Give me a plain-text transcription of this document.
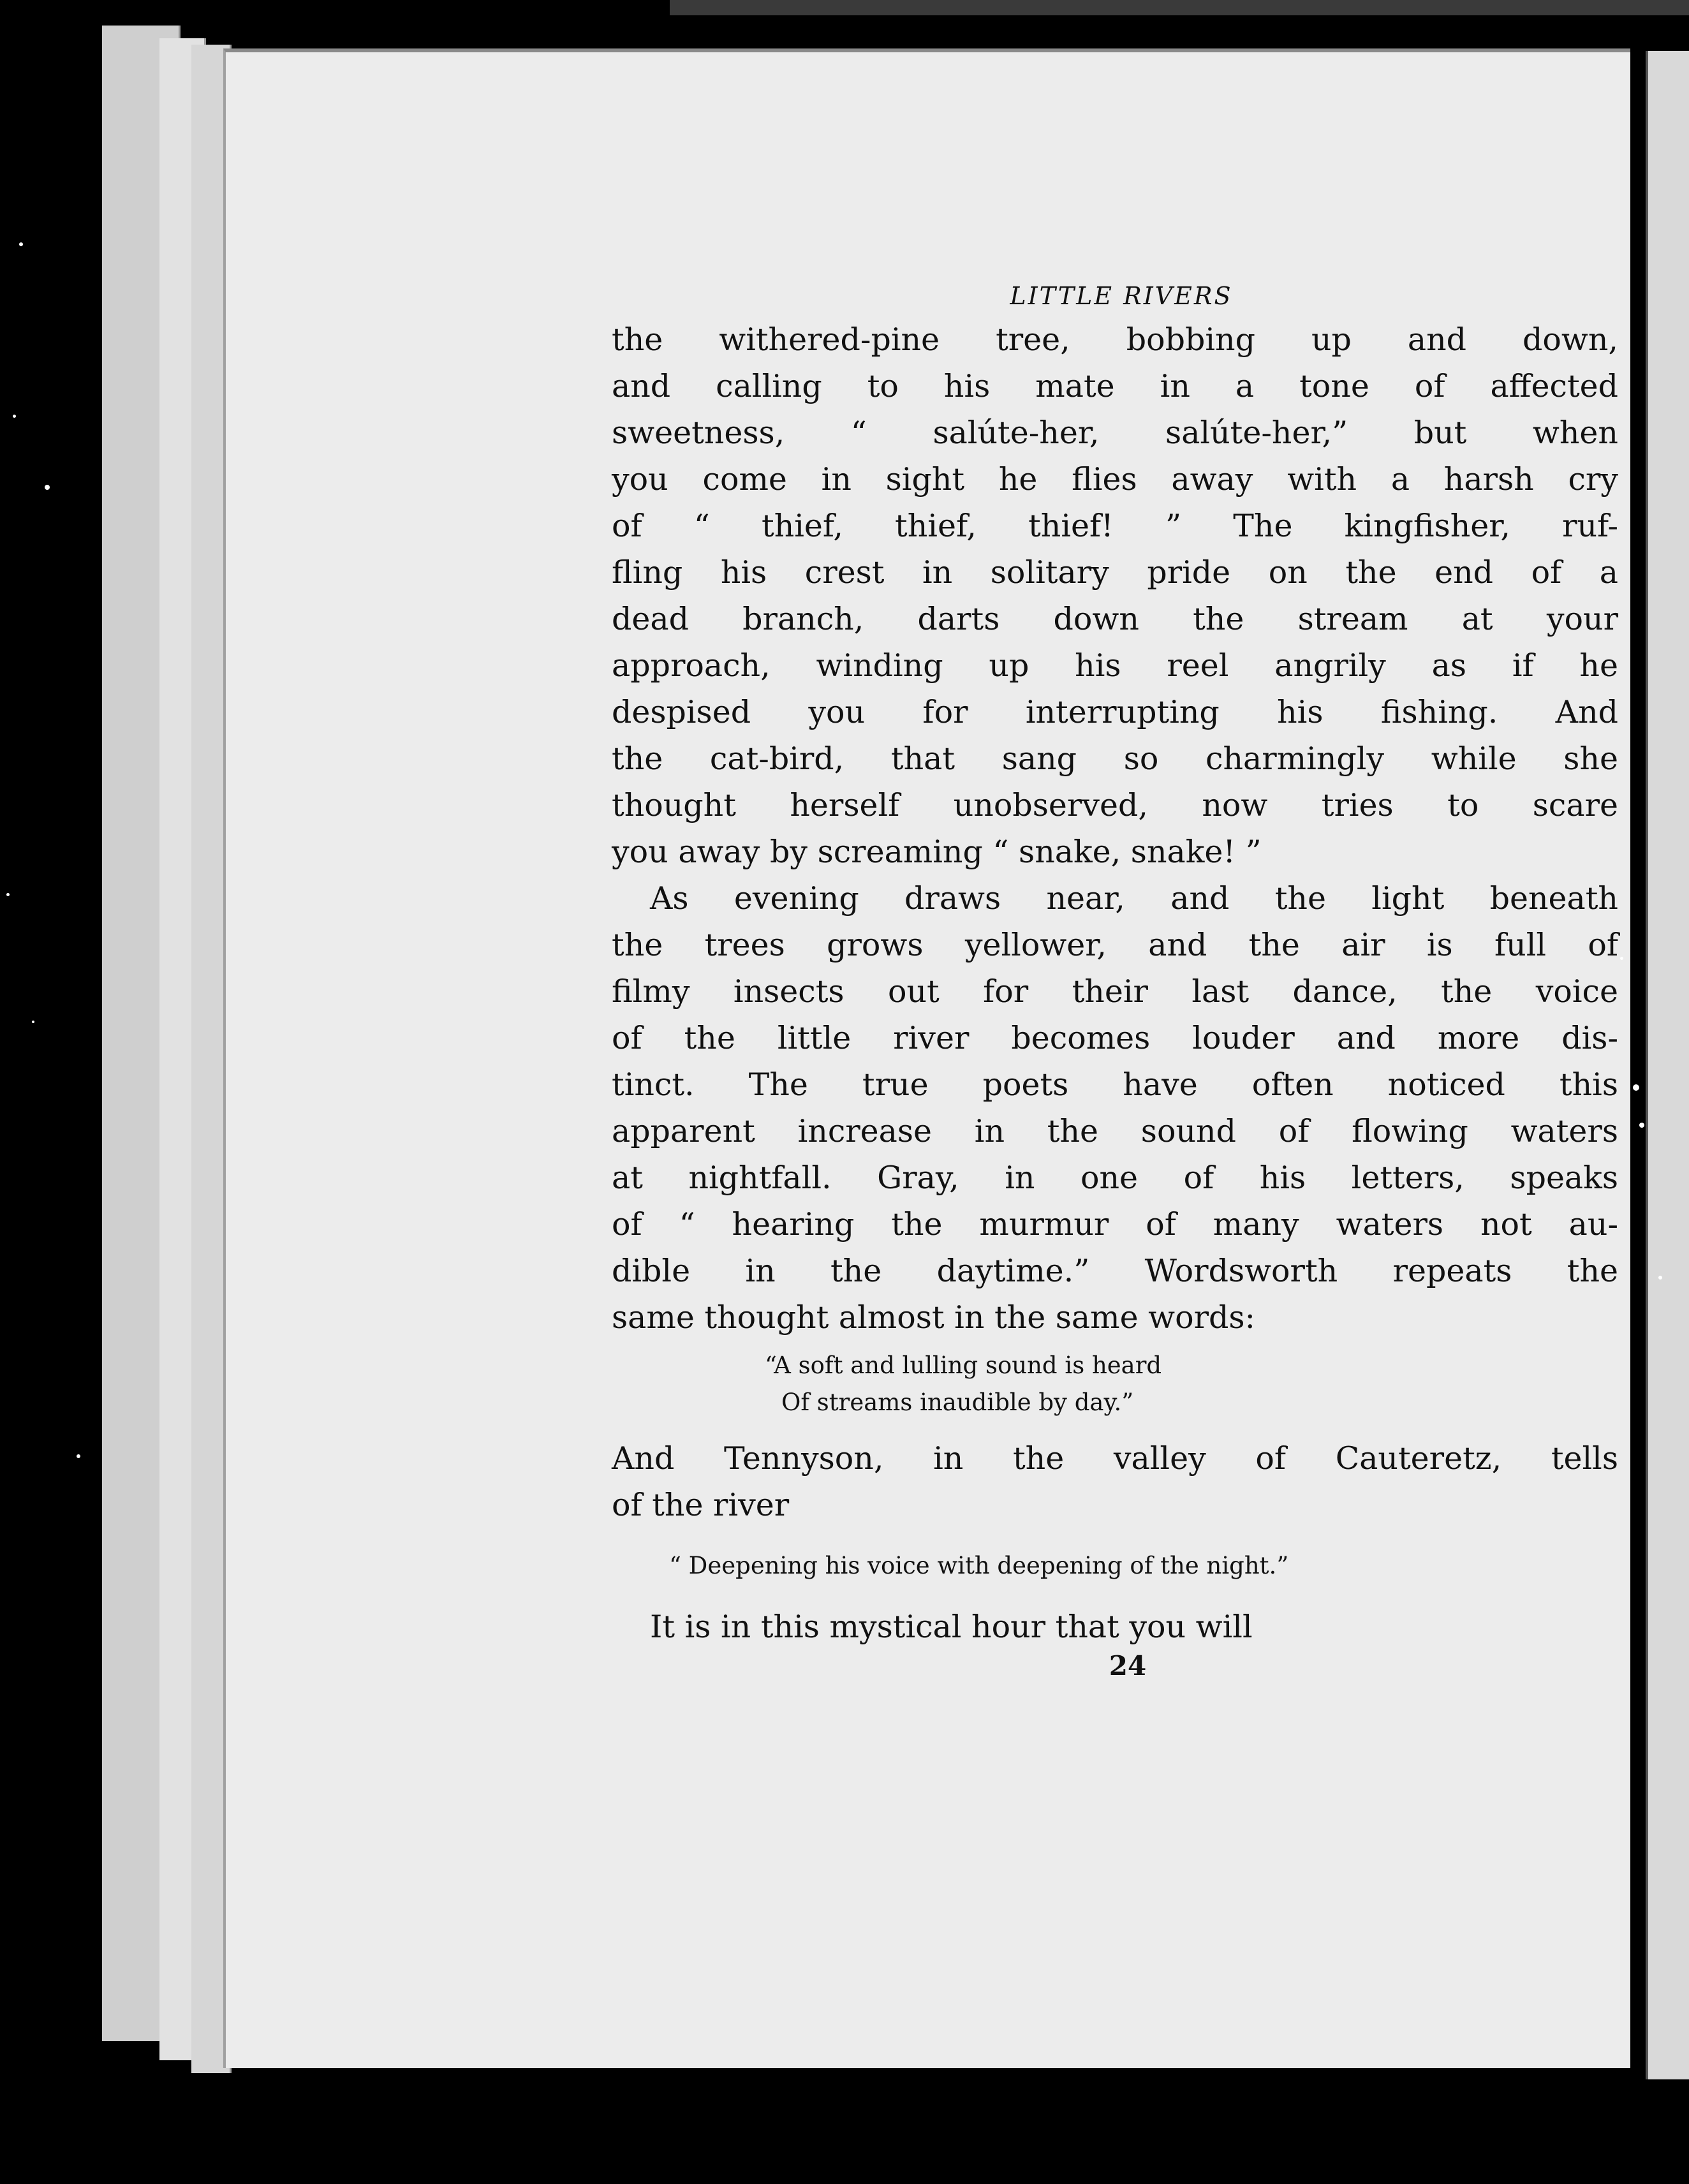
LITTLE RIVERS

the withered-pine tree, bobbing up and down,
and calling to his mate in a tone of affected
sweetness, “ salúte-her, salúte-her,” but when
you come in sight he flies away with a harsh cry
of “ thief, thief, thief! ” The kingfisher, ruf-
fling his crest in solitary pride on the end of a
dead branch, darts down the stream at your
approach, winding up his reel angrily as if he
despised you for interrupting his fishing. And
the cat-bird, that sang so charmingly while she
thought herself unobserved, now tries to scare
you away by screaming “ snake, snake! ”

As evening draws near, and the light beneath
the trees grows yellower, and the air is full of
filmy insects out for their last dance, the voice
of the little river becomes louder and more dis-
tinct. The true poets have often noticed this
apparent increase in the sound of flowing waters
at nightfall. Gray, in one of his letters, speaks
of “ hearing the murmur of many waters not au-
dible in the daytime.” Wordsworth repeats the
same thought almost in the same words:

“A soft and lulling sound is heard
Of streams inaudible by day.”

And Tennyson, in the valley of Cauteretz, tells
of the river

“ Deepening his voice with deepening of the night.”

It is in this mystical hour that you will

24
